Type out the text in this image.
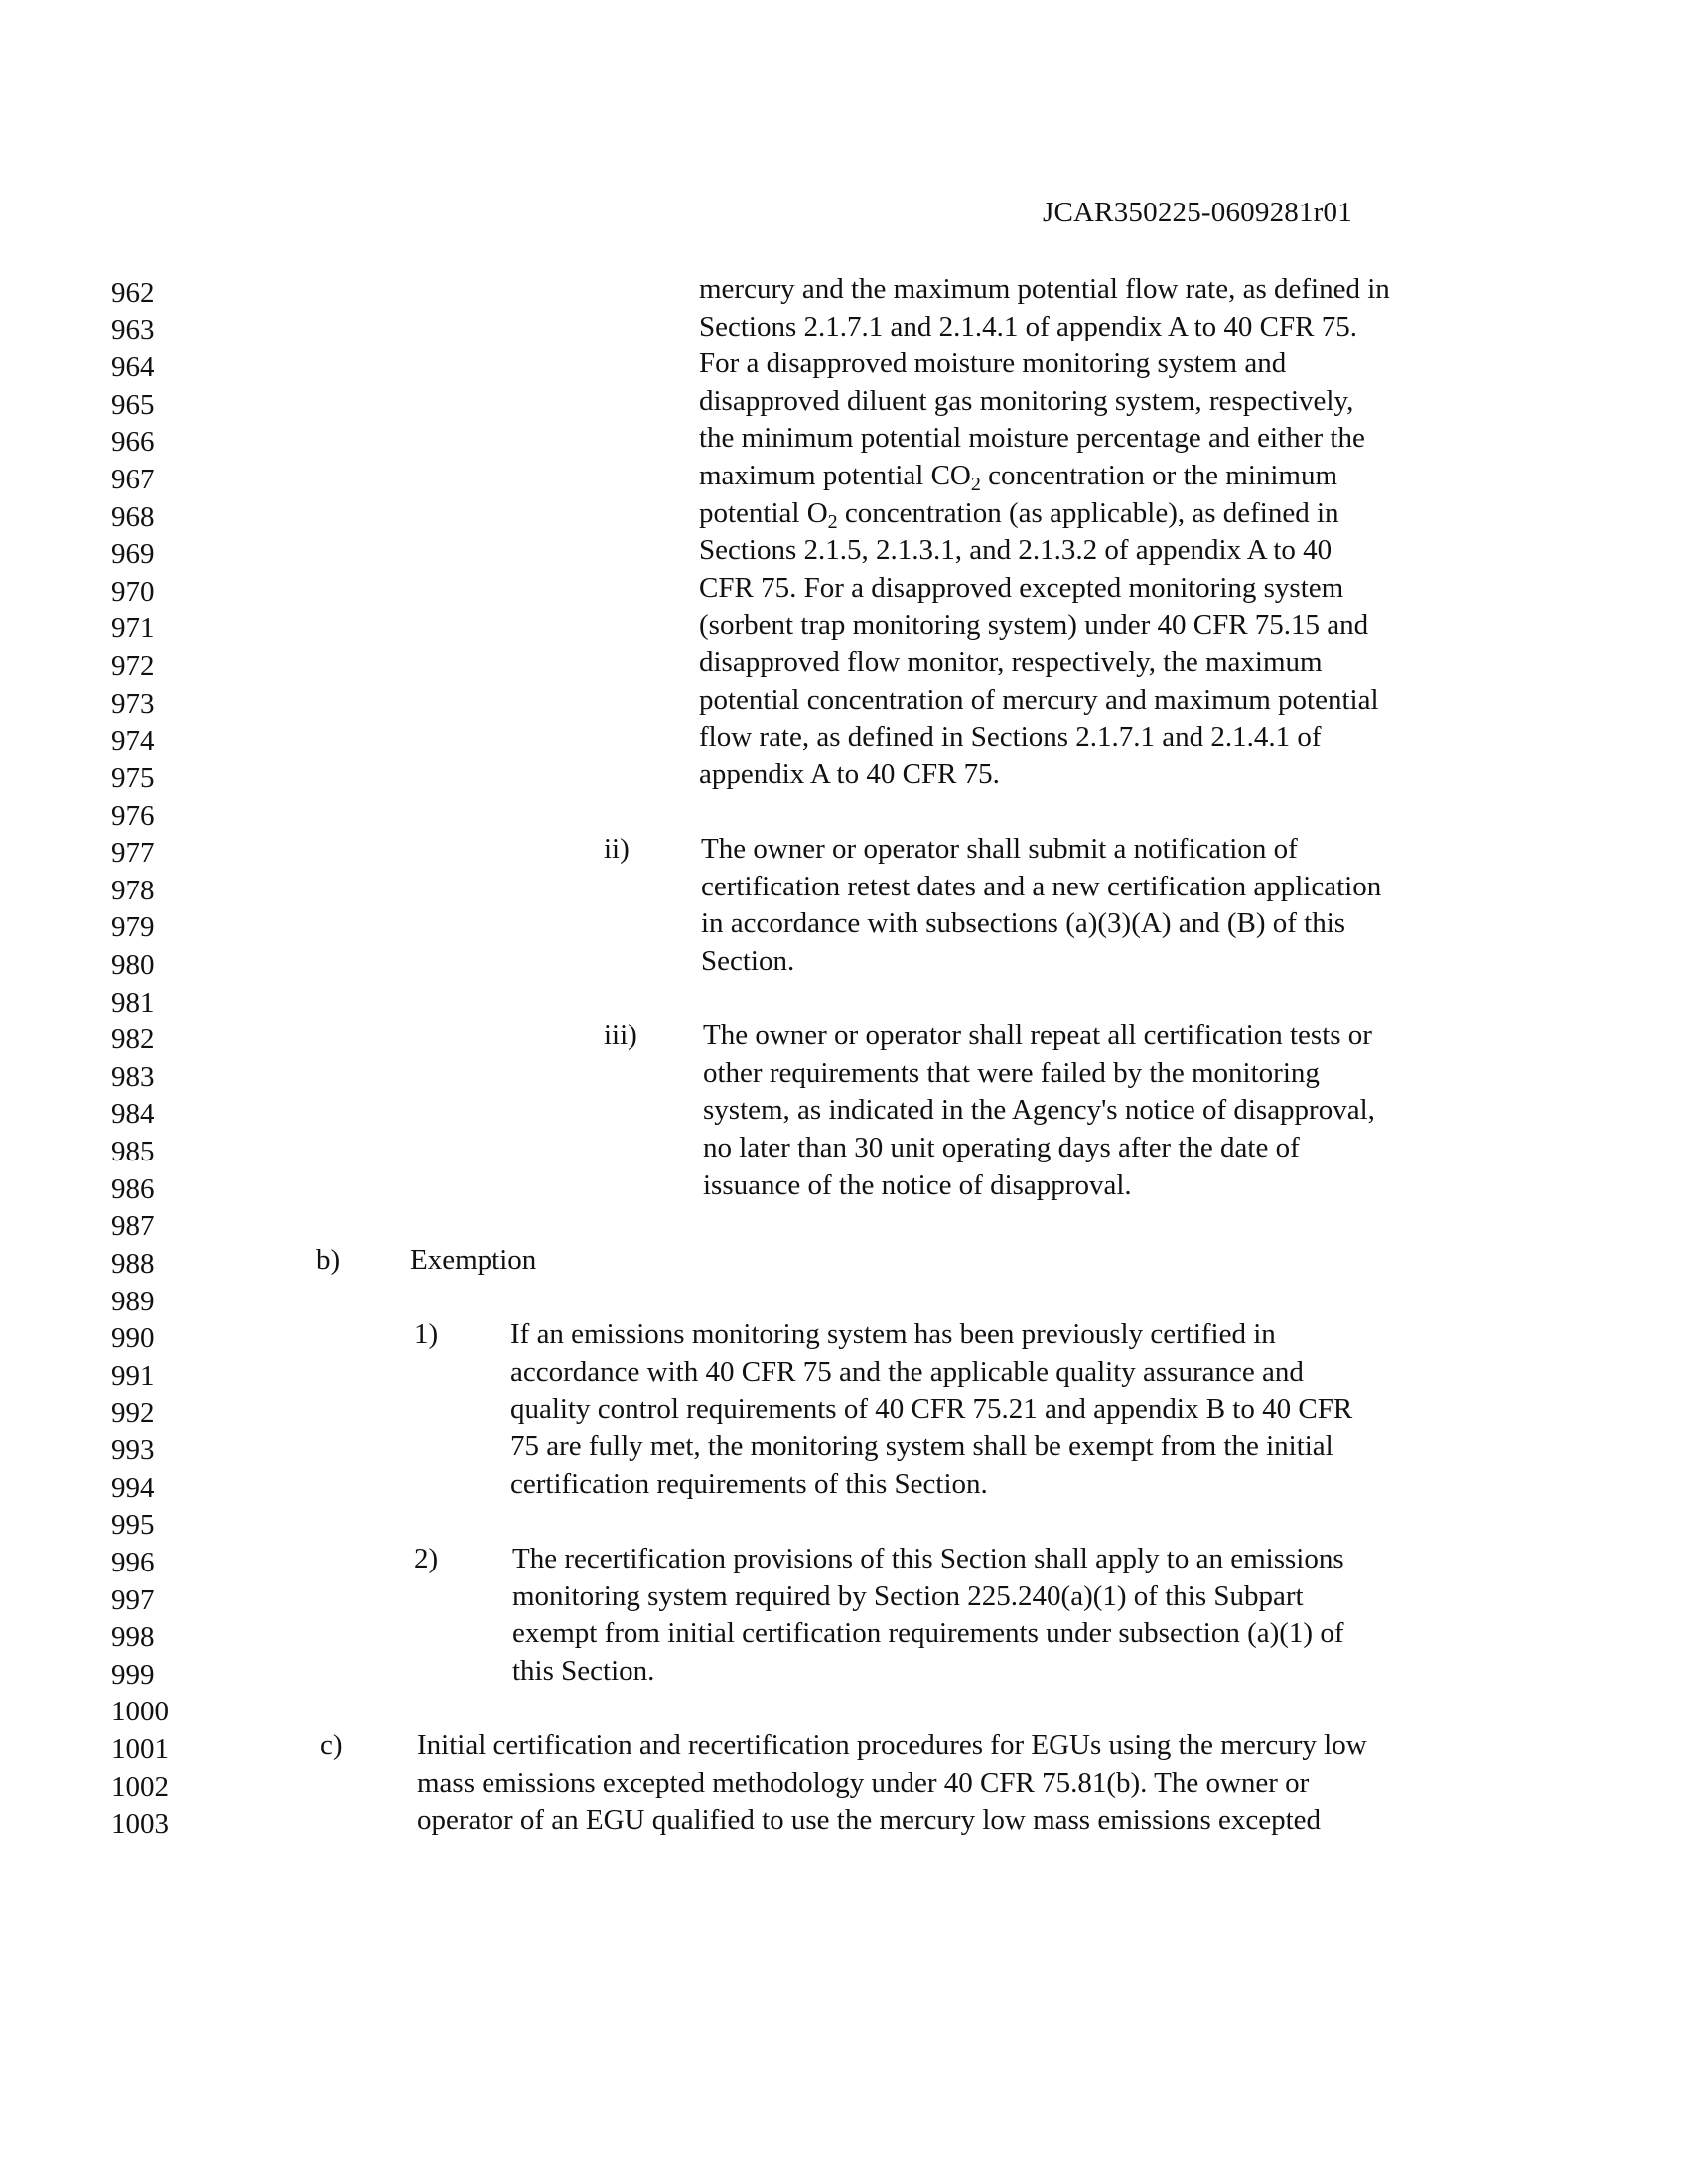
JCAR350225-0609281r01
962
963
964
965
966
967
968
969
970
971
972
973
974
975
976
977
978
979
980
981
982
983
984
985
986
987
988
989
990
991
992
993
994
995
996
997
998
999
1000
1001
1002
1003
mercury and the maximum potential flow rate, as defined in
Sections 2.1.7.1 and 2.1.4.1 of appendix A to 40 CFR 75.
For a disapproved moisture monitoring system and
disapproved diluent gas monitoring system, respectively,
the minimum potential moisture percentage and either the
maximum potential $CO_2$ concentration or the minimum
potential $O_2$ concentration (as applicable), as defined in
Sections 2.1.5, 2.1.3.1, and 2.1.3.2 of appendix A to 40
CFR 75. For a disapproved excepted monitoring system
(sorbent trap monitoring system) under 40 CFR 75.15 and
disapproved flow monitor, respectively, the maximum
potential concentration of mercury and maximum potential
flow rate, as defined in Sections 2.1.7.1 and 2.1.4.1 of
appendix A to 40 CFR 75.
ii) The owner or operator shall submit a notification of
certification retest dates and a new certification application
in accordance with subsections (a)(3)(A) and (B) of this
Section.
iii) The owner or operator shall repeat all certification tests or
other requirements that were failed by the monitoring
system, as indicated in the Agency's notice of disapproval,
no later than 30 unit operating days after the date of
issuance of the notice of disapproval.
b) Exemption
1)	If an emissions monitoring system has been previously certified in
accordance with 40 CFR 75 and the applicable quality assurance and
quality control requirements of 40 CFR 75.21 and appendix B to 40 CFR
75 are fully met, the monitoring system shall be exempt from the initial
certification requirements of this Section.
2)	The recertification provisions of this Section shall apply to an emissions
monitoring system required by Section 225.240(a)(1) of this Subpart
exempt from initial certification requirements under subsection (a)(1) of
this Section.
c)	Initial certification and recertification procedures for EGUs using the mercury low
mass emissions excepted methodology under 40 CFR 75.81(b). The owner or
operator of an EGU qualified to use the mercury low mass emissions excepted
